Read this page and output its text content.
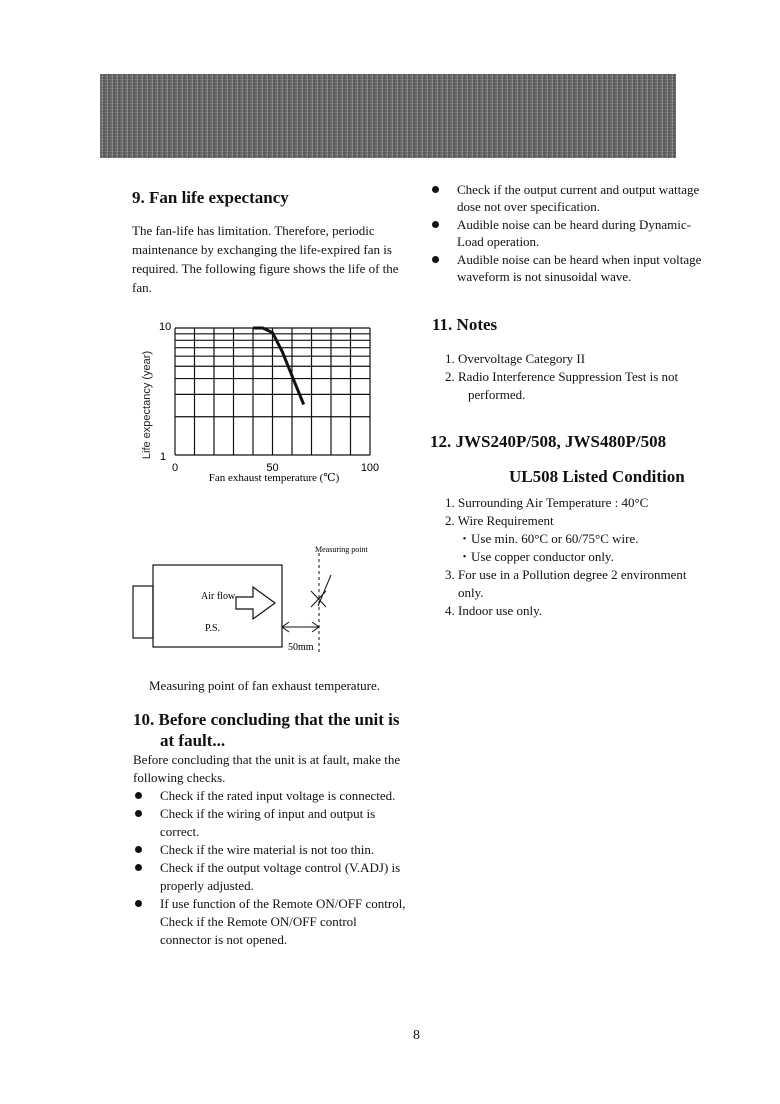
9. Fan life expectancy
The fan-life has limitation. Therefore, periodic maintenance by exchanging the life-expired fan is required. The following figure shows the life of the fan.
Life expectancy (year)
10
1
0	50	100
Fan exhaust temperature (℃)
Measuring point
Air flow
P.S.
50mm
Measuring point of fan exhaust temperature.
10. Before concluding that the unit is
at fault...
Before concluding that the unit is at fault, make the following checks.
Check if the rated input voltage is connected.
Check if the wiring of input and output is correct.
Check if the wire material is not too thin.
Check if the output voltage control (V.ADJ) is properly adjusted.
If use function of the Remote ON/OFF control, Check if the Remote ON/OFF control connector is not opened.
Check if the output current and output wattage dose not over specification.
Audible noise can be heard during Dynamic-Load operation.
Audible noise can be heard when input voltage waveform is not sinusoidal wave.
11. Notes
1. Overvoltage Category II
2. Radio Interference Suppression Test is not performed.
12. JWS240P/508, JWS480P/508
UL508 Listed Condition
1. Surrounding Air Temperature : 40°C
2. Wire Requirement
・Use min. 60°C or 60/75°C wire.
・Use copper conductor only.
3. For use in a Pollution degree 2 environment only.
4. Indoor use only.
8
